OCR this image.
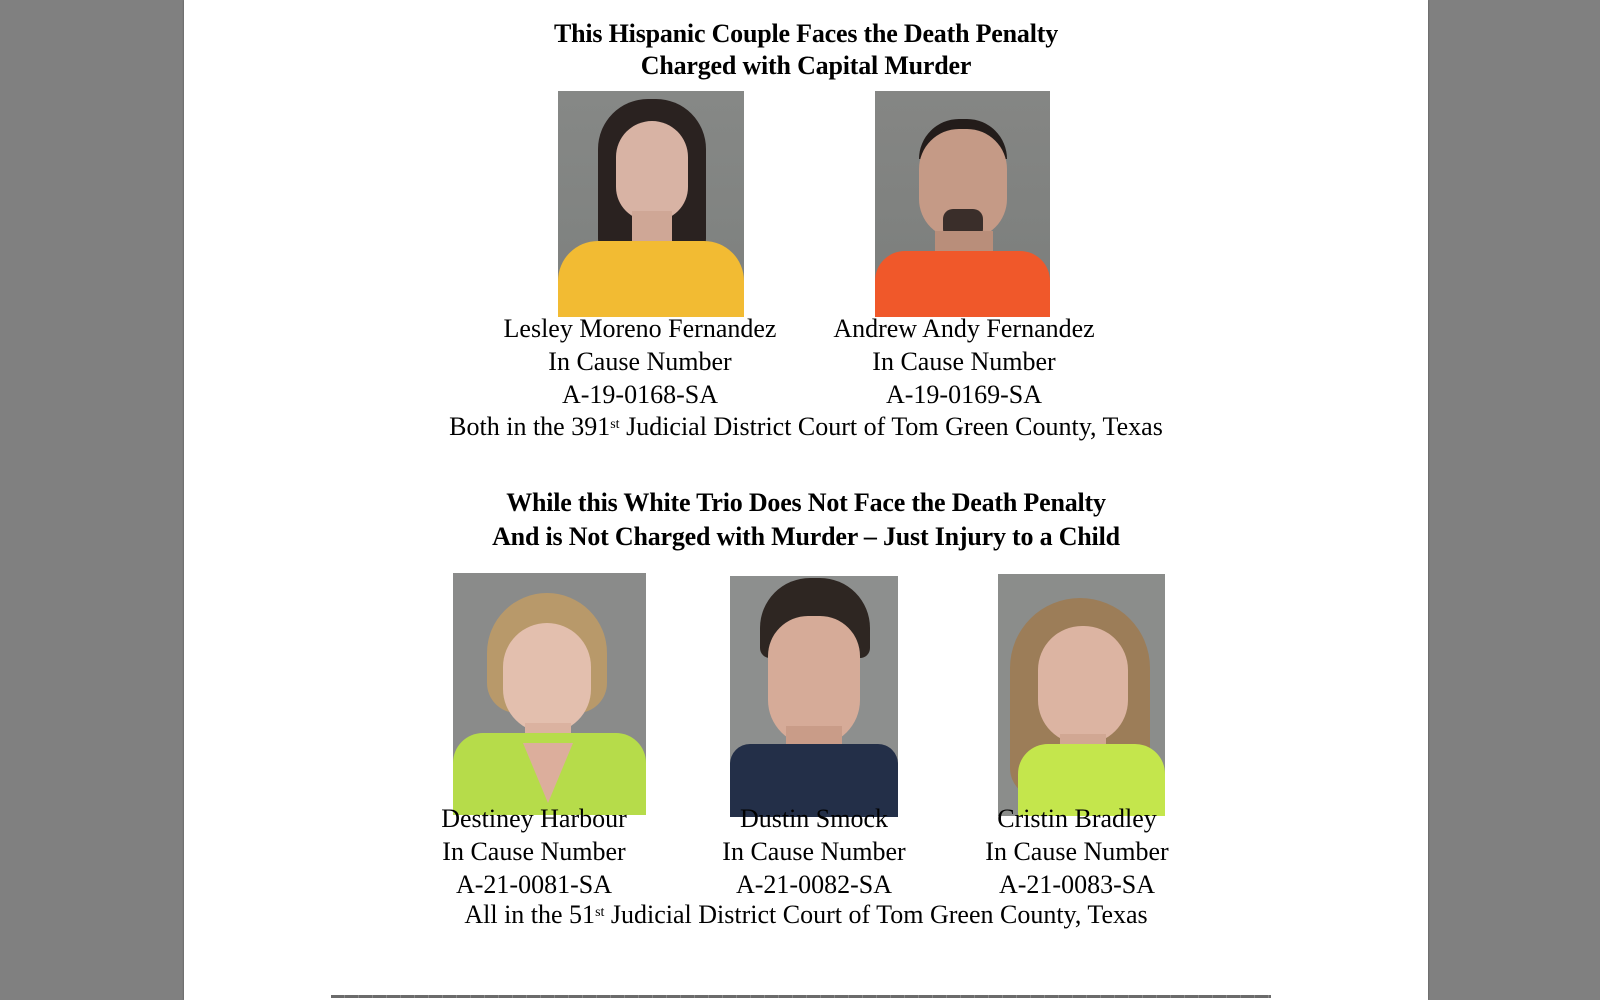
This Hispanic Couple Faces the Death Penalty
Charged with Capital Murder
Lesley Moreno Fernandez
In Cause Number
A-19-0168-SA
Andrew Andy Fernandez
In Cause Number
A-19-0169-SA
Both in the 391st Judicial District Court of Tom Green County, Texas
While this White Trio Does Not Face the Death Penalty
And is Not Charged with Murder – Just Injury to a Child
Destiney Harbour
In Cause Number
A-21-0081-SA
Dustin Smock
In Cause Number
A-21-0082-SA
Cristin Bradley
In Cause Number
A-21-0083-SA
All in the 51st Judicial District Court of Tom Green County, Texas
